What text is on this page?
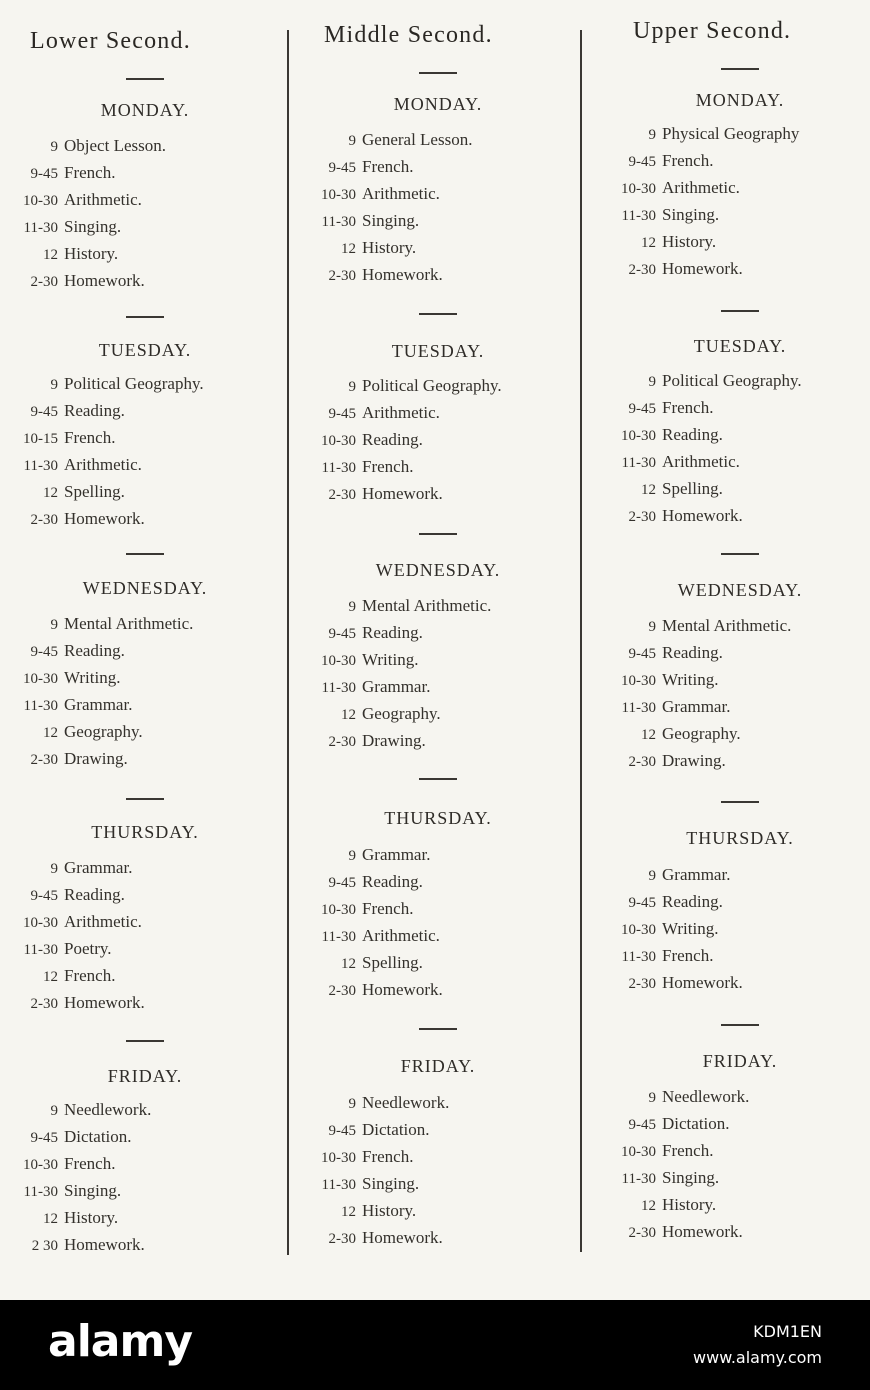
Lower Second.
MONDAY.
9 Object Lesson.
9-45 French.
10-30 Arithmetic.
11-30 Singing.
12 History.
2-30 Homework.
TUESDAY.
9 Political Geography.
9-45 Reading.
10-15 French.
11-30 Arithmetic.
12 Spelling.
2-30 Homework.
WEDNESDAY.
9 Mental Arithmetic.
9-45 Reading.
10-30 Writing.
11-30 Grammar.
12 Geography.
2-30 Drawing.
THURSDAY.
9 Grammar.
9-45 Reading.
10-30 Arithmetic.
11-30 Poetry.
12 French.
2-30 Homework.
FRIDAY.
9 Needlework.
9-45 Dictation.
10-30 French.
11-30 Singing.
12 History.
2 30 Homework.
Middle Second.
MONDAY.
9 General Lesson.
9-45 French.
10-30 Arithmetic.
11-30 Singing.
12 History.
2-30 Homework.
TUESDAY.
9 Political Geography.
9-45 Arithmetic.
10-30 Reading.
11-30 French.
2-30 Homework.
WEDNESDAY.
9 Mental Arithmetic.
9-45 Reading.
10-30 Writing.
11-30 Grammar.
12 Geography.
2-30 Drawing.
THURSDAY.
9 Grammar.
9-45 Reading.
10-30 French.
11-30 Arithmetic.
12 Spelling.
2-30 Homework.
FRIDAY.
9 Needlework.
9-45 Dictation.
10-30 French.
11-30 Singing.
12 History.
2-30 Homework.
Upper Second.
MONDAY.
9 Physical Geography
9-45 French.
10-30 Arithmetic.
11-30 Singing.
12 History.
2-30 Homework.
TUESDAY.
9 Political Geography.
9-45 French.
10-30 Reading.
11-30 Arithmetic.
12 Spelling.
2-30 Homework.
WEDNESDAY.
9 Mental Arithmetic.
9-45 Reading.
10-30 Writing.
11-30 Grammar.
12 Geography.
2-30 Drawing.
THURSDAY.
9 Grammar.
9-45 Reading.
10-30 Writing.
11-30 French.
2-30 Homework.
FRIDAY.
9 Needlework.
9-45 Dictation.
10-30 French.
11-30 Singing.
12 History.
2-30 Homework.
alamy	KDM1EN
www.alamy.com
